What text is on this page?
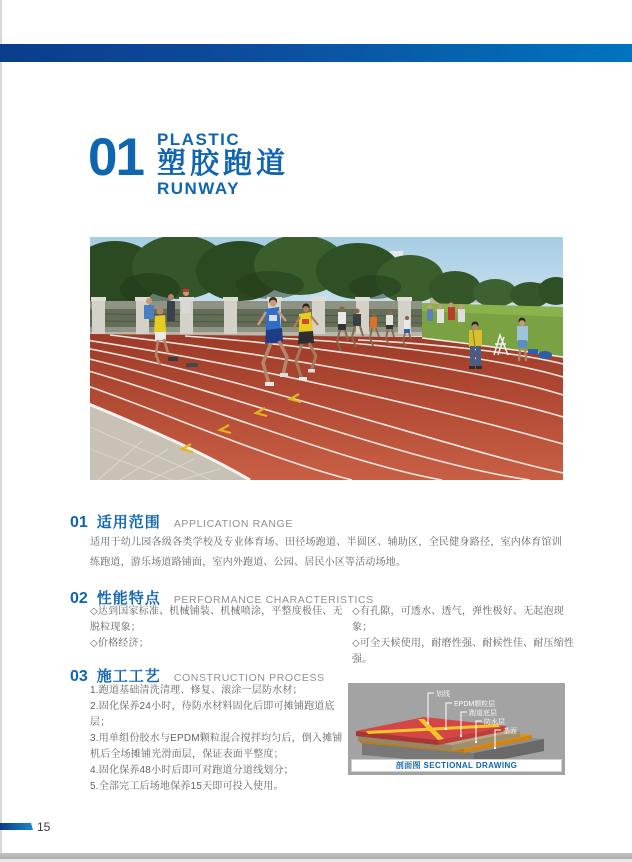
01 PLASTIC
塑胶跑道
RUNWAY
01 适用范围 APPLICATION RANGE

适用于幼儿园各级各类学校及专业体育场、田径场跑道、半圆区、辅助区，全民健身路径，室内体育馆训练跑道，游乐场道路铺面，室内外跑道、公园、居民小区等活动场地。

02 性能特点 PERFORMANCE CHARACTERISTICS

◇达到国家标准、机械铺装、机械喷涂，平整度极佳、无脱粒现象；

◇价格经济；

◇有孔隙，可透水、透气，弹性极好、无起泡现象；

◇可全天候使用，耐磨性强、耐候性佳、耐压缩性强。

03 施工工艺 CONSTRUCTION PROCESS

1.跑道基础清洗清理、修复、滚涂一层防水材；

2.固化保养24小时，待防水材料固化后即可摊铺跑道底层；

3.用单组份胶水与EPDM颗粒混合搅拌均匀后，倒入摊铺机后全场摊铺光滑面层，保证表面平整度；

4.固化保养48小时后即可对跑道分道线划分；

5.全部完工后场地保养15天即可投入使用。

划线
EPDM颗粒层
跑道底层
防水层
基面
剖面图 SECTIONAL DRAWING
15
